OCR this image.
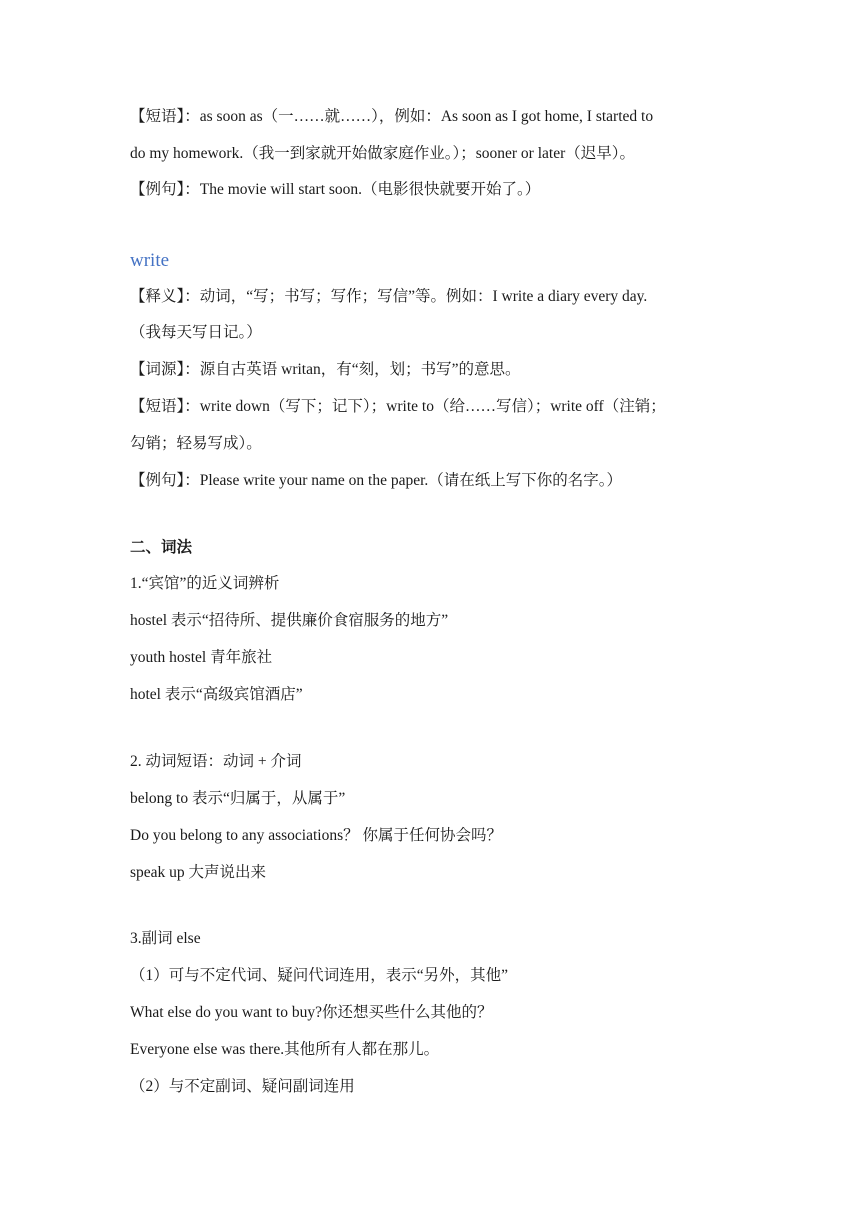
【短语】：as soon as（一……就……），例如：As soon as I got home, I started to
do my homework.（我一到家就开始做家庭作业。）；sooner or later（迟早）。
【例句】：The movie will start soon.（电影很快就要开始了。）
write
【释义】：动词，“写；书写；写作；写信”等。例如：I write a diary every day.
（我每天写日记。）
【词源】：源自古英语 writan，有“刻，划；书写”的意思。
【短语】：write down（写下；记下）；write to（给……写信）；write off（注销；
勾销；轻易写成）。
【例句】：Please write your name on the paper.（请在纸上写下你的名字。）
二、词法
1.“宾馆”的近义词辨析
hostel 表示“招待所、提供廉价食宿服务的地方”
youth hostel 青年旅社
hotel 表示“高级宾馆酒店”
2. 动词短语：动词 + 介词
belong to 表示“归属于，从属于”
Do you belong to any associations？ 你属于任何协会吗？
speak up 大声说出来
3.副词 else
（1）可与不定代词、疑问代词连用，表示“另外，其他”
What else do you want to buy?你还想买些什么其他的？
Everyone else was there.其他所有人都在那儿。
（2）与不定副词、疑问副词连用
